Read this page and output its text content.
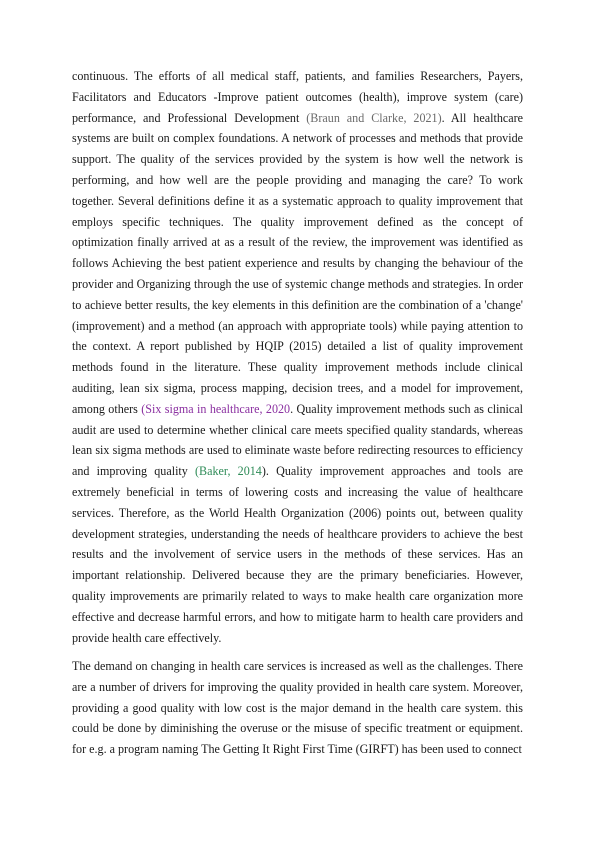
continuous. The efforts of all medical staff, patients, and families Researchers, Payers, Facilitators and Educators -Improve patient outcomes (health), improve system (care) performance, and Professional Development (Braun and Clarke, 2021). All healthcare systems are built on complex foundations. A network of processes and methods that provide support. The quality of the services provided by the system is how well the network is performing, and how well are the people providing and managing the care? To work together. Several definitions define it as a systematic approach to quality improvement that employs specific techniques. The quality improvement defined as the concept of optimization finally arrived at as a result of the review, the improvement was identified as follows Achieving the best patient experience and results by changing the behaviour of the provider and Organizing through the use of systemic change methods and strategies. In order to achieve better results, the key elements in this definition are the combination of a 'change' (improvement) and a method (an approach with appropriate tools) while paying attention to the context. A report published by HQIP (2015) detailed a list of quality improvement methods found in the literature. These quality improvement methods include clinical auditing, lean six sigma, process mapping, decision trees, and a model for improvement, among others (Six sigma in healthcare, 2020. Quality improvement methods such as clinical audit are used to determine whether clinical care meets specified quality standards, whereas lean six sigma methods are used to eliminate waste before redirecting resources to efficiency and improving quality (Baker, 2014). Quality improvement approaches and tools are extremely beneficial in terms of lowering costs and increasing the value of healthcare services. Therefore, as the World Health Organization (2006) points out, between quality development strategies, understanding the needs of healthcare providers to achieve the best results and the involvement of service users in the methods of these services. Has an important relationship. Delivered because they are the primary beneficiaries. However, quality improvements are primarily related to ways to make health care organization more effective and decrease harmful errors, and how to mitigate harm to health care providers and provide health care effectively.

The demand on changing in health care services is increased as well as the challenges. There are a number of drivers for improving the quality provided in health care system. Moreover, providing a good quality with low cost is the major demand in the health care system. this could be done by diminishing the overuse or the misuse of specific treatment or equipment. for e.g. a program naming The Getting It Right First Time (GIRFT) has been used to connect
